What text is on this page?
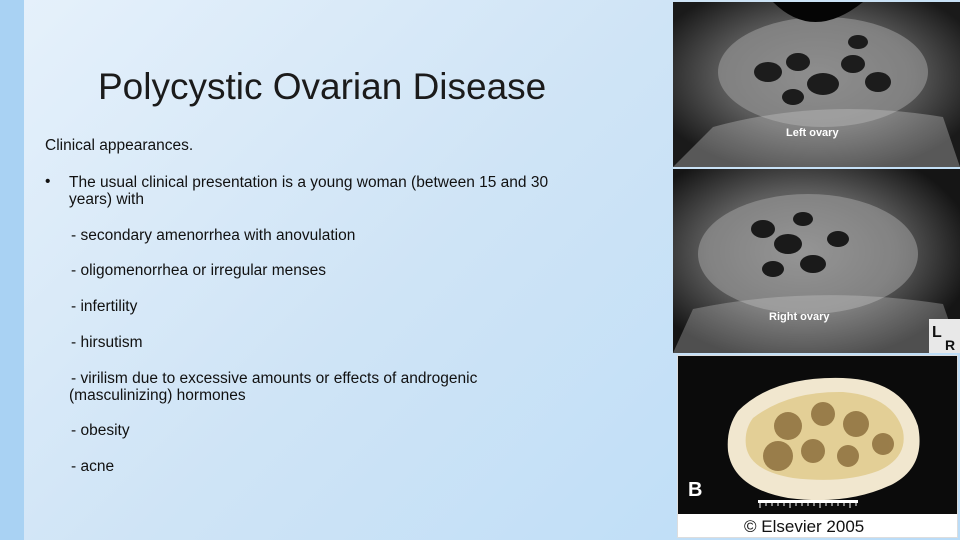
Polycystic Ovarian Disease
Clinical appearances.
• The usual clinical presentation is a young woman (between 15 and 30
years) with
- secondary amenorrhea with anovulation
- oligomenorrhea or irregular menses
- infertility
- hirsutism
- virilism due to excessive amounts or effects of androgenic
(masculinizing) hormones
- obesity
- acne
Left ovary
Right ovary
L
R
B
© Elsevier 2005
